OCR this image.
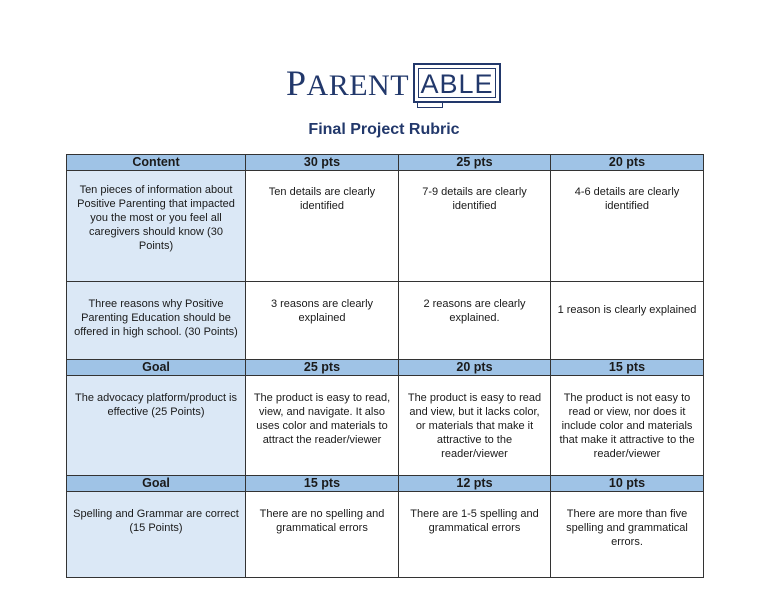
PARENT ABLE
Final Project Rubric
Content	30 pts	25 pts	20 pts
Ten pieces of information about Positive Parenting that impacted you the most or you feel all caregivers should know (30 Points)	Ten details are clearly identified	7-9 details are clearly identified	4-6 details are clearly identified
Three reasons why Positive Parenting Education should be offered in high school. (30 Points)	3 reasons are clearly explained	2 reasons are clearly explained.	1 reason is clearly explained
Goal	25 pts	20 pts	15 pts
The advocacy platform/product is effective (25 Points)	The product is easy to read, view, and navigate. It also uses color and materials to attract the reader/viewer	The product is easy to read and view, but it lacks color, or materials that make it attractive to the reader/viewer	The product is not easy to read or view, nor does it include color and materials that make it attractive to the reader/viewer
Goal	15 pts	12 pts	10 pts
Spelling and Grammar are correct (15 Points)	There are no spelling and grammatical errors	There are 1-5 spelling and grammatical errors	There are more than five spelling and grammatical errors.
